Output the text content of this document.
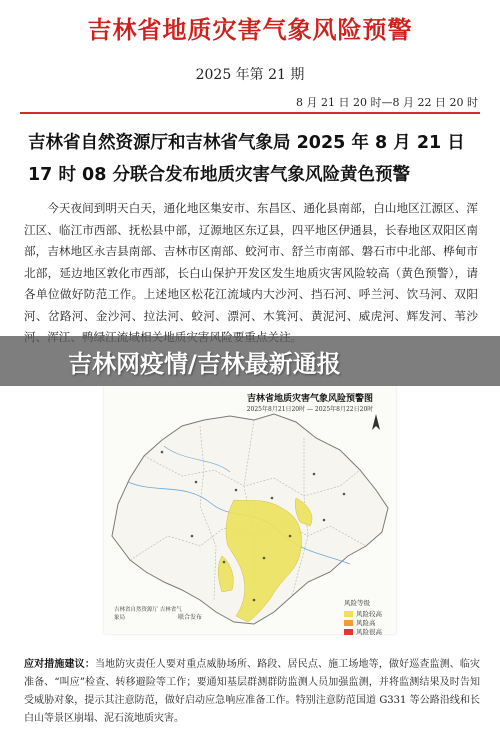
吉林省地质灾害气象风险预警
2025 年第 21 期
8 月 21 日 20 时—8 月 22 日 20 时
吉林省自然资源厅和吉林省气象局 2025 年 8 月 21 日
17 时 08 分联合发布地质灾害气象风险黄色预警
今天夜间到明天白天，通化地区集安市、东昌区、通化县南部，白山地区江源区、浑江区、临江市西部、抚松县中部，辽源地区东辽县，四平地区伊通县，长春地区双阳区南部，吉林地区永吉县南部、吉林市区南部、蛟河市、舒兰市南部、磐石市中北部、桦甸市北部，延边地区敦化市西部，长白山保护开发区发生地质灾害风险较高（黄色预警），请各单位做好防范工作。上述地区松花江流域内大沙河、挡石河、呼兰河、饮马河、双阳河、岔路河、金沙河、拉法河、蛟河、漂河、木箕河、黄泥河、威虎河、辉发河、苇沙
吉林省地质灾害气象风险预警图
2025年8月21日20时 — 2025年8月22日20时
吉林省自然资源厅 吉林省气象局	联合发布
风险等级
风险较高
风险高
风险很高
吉林网疫情/吉林最新通报
应对措施建议：当地防灾责任人要对重点威胁场所、路段、居民点、施工场地等，做好巡查监测、临灾准备、“叫应”检查、转移避险等工作；要通知基层群测群防监测人员加强监测，并将监测结果及时告知受威胁对象，提示其注意防范，做好启动应急响应准备工作。特别注意防范国道 G331 等公路沿线和长白山等景区崩塌、泥石流地质灾害。
